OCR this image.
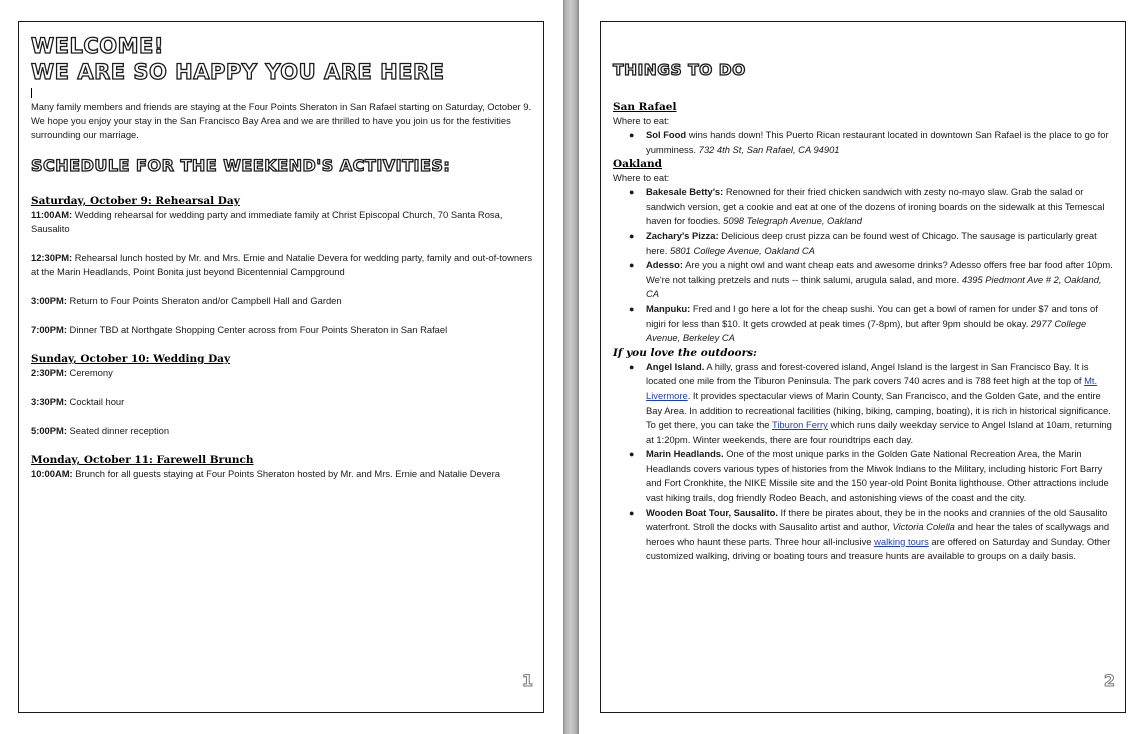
WELCOME!
WE ARE SO HAPPY YOU ARE HERE

Many family members and friends are staying at the Four Points Sheraton in San Rafael starting on Saturday, October 9. We hope you enjoy your stay in the San Francisco Bay Area and we are thrilled to have you join us for the festivities surrounding our marriage.

SCHEDULE FOR THE WEEKEND'S ACTIVITIES:

Saturday, October 9: Rehearsal Day

11:00AM: Wedding rehearsal for wedding party and immediate family at Christ Episcopal Church, 70 Santa Rosa, Sausalito

12:30PM: Rehearsal lunch hosted by Mr. and Mrs. Ernie and Natalie Devera for wedding party, family and out-of-towners at the Marin Headlands, Point Bonita just beyond Bicentennial Campground

3:00PM: Return to Four Points Sheraton and/or Campbell Hall and Garden

7:00PM: Dinner TBD at Northgate Shopping Center across from Four Points Sheraton in San Rafael

Sunday, October 10: Wedding Day

2:30PM: Ceremony

3:30PM: Cocktail hour

5:00PM: Seated dinner reception

Monday, October 11: Farewell Brunch

10:00AM: Brunch for all guests staying at Four Points Sheraton hosted by Mr. and Mrs. Ernie and Natalie Devera

1
THINGS TO DO

San Rafael

Where to eat:

● Sol Food wins hands down! This Puerto Rican restaurant located in downtown San Rafael is the place to go for yumminess. 732 4th St, San Rafael, CA 94901

Oakland

Where to eat:

● Bakesale Betty's: Renowned for their fried chicken sandwich with zesty no-mayo slaw. Grab the salad or sandwich version, get a cookie and eat at one of the dozens of ironing boards on the sidewalk at this Temescal haven for foodies. 5098 Telegraph Avenue, Oakland
● Zachary's Pizza: Delicious deep crust pizza can be found west of Chicago. The sausage is particularly great here. 5801 College Avenue, Oakland CA
● Adesso: Are you a night owl and want cheap eats and awesome drinks? Adesso offers free bar food after 10pm. We're not talking pretzels and nuts -- think salumi, arugula salad, and more. 4395 Piedmont Ave # 2, Oakland, CA
● Manpuku: Fred and I go here a lot for the cheap sushi. You can get a bowl of ramen for under $7 and tons of nigiri for less than $10. It gets crowded at peak times (7-8pm), but after 9pm should be okay. 2977 College Avenue, Berkeley CA

If you love the outdoors:

● Angel Island. A hilly, grass and forest-covered island, Angel Island is the largest in San Francisco Bay. It is located one mile from the Tiburon Peninsula. The park covers 740 acres and is 788 feet high at the top of Mt. Livermore. It provides spectacular views of Marin County, San Francisco, and the Golden Gate, and the entire Bay Area. In addition to recreational facilities (hiking, biking, camping, boating), it is rich in historical significance. To get there, you can take the Tiburon Ferry which runs daily weekday service to Angel Island at 10am, returning at 1:20pm. Winter weekends, there are four roundtrips each day.
● Marin Headlands. One of the most unique parks in the Golden Gate National Recreation Area, the Marin Headlands covers various types of histories from the Miwok Indians to the Military, including historic Fort Barry and Fort Cronkhite, the NIKE Missile site and the 150 year-old Point Bonita lighthouse. Other attractions include vast hiking trails, dog friendly Rodeo Beach, and astonishing views of the coast and the city.
● Wooden Boat Tour, Sausalito. If there be pirates about, they be in the nooks and crannies of the old Sausalito waterfront. Stroll the docks with Sausalito artist and author, Victoria Colella and hear the tales of scallywags and heroes who haunt these parts. Three hour all-inclusive walking tours are offered on Saturday and Sunday. Other customized walking, driving or boating tours and treasure hunts are available to groups on a daily basis.
2
